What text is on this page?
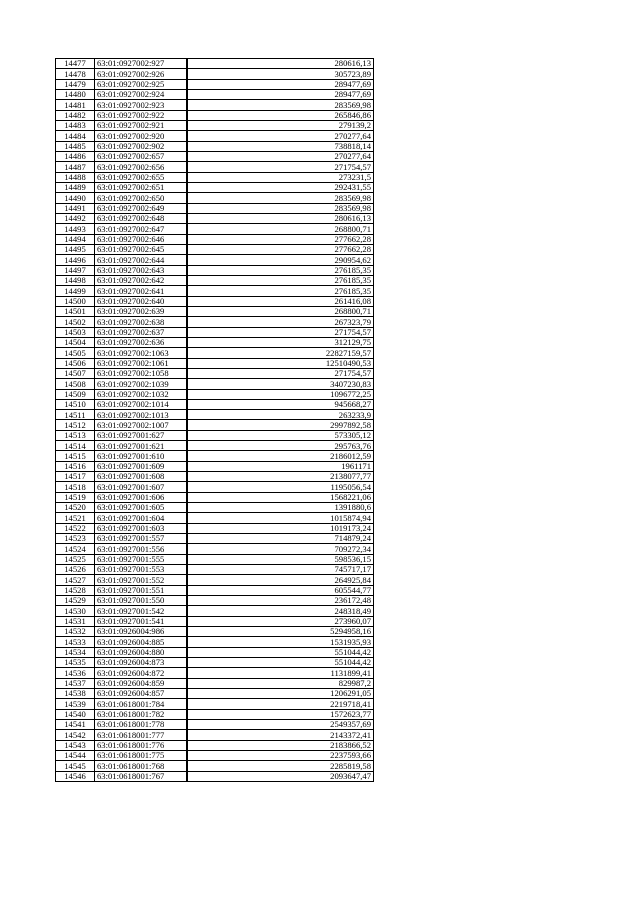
14477	63:01:0927002:927	280616,13
14478	63:01:0927002:926	305723,89
14479	63:01:0927002:925	289477,69
14480	63:01:0927002:924	289477,69
14481	63:01:0927002:923	283569,98
14482	63:01:0927002:922	265846,86
14483	63:01:0927002:921	279139,2
14484	63:01:0927002:920	270277,64
14485	63:01:0927002:902	738818,14
14486	63:01:0927002:657	270277,64
14487	63:01:0927002:656	271754,57
14488	63:01:0927002:655	273231,5
14489	63:01:0927002:651	292431,55
14490	63:01:0927002:650	283569,98
14491	63:01:0927002:649	283569,98
14492	63:01:0927002:648	280616,13
14493	63:01:0927002:647	268800,71
14494	63:01:0927002:646	277662,28
14495	63:01:0927002:645	277662,28
14496	63:01:0927002:644	290954,62
14497	63:01:0927002:643	276185,35
14498	63:01:0927002:642	276185,35
14499	63:01:0927002:641	276185,35
14500	63:01:0927002:640	261416,08
14501	63:01:0927002:639	268800,71
14502	63:01:0927002:638	267323,79
14503	63:01:0927002:637	271754,57
14504	63:01:0927002:636	312129,75
14505	63:01:0927002:1063	22827159,57
14506	63:01:0927002:1061	12510490,53
14507	63:01:0927002:1058	271754,57
14508	63:01:0927002:1039	3407230,83
14509	63:01:0927002:1032	1096772,25
14510	63:01:0927002:1014	945668,27
14511	63:01:0927002:1013	263233,9
14512	63:01:0927002:1007	2997892,58
14513	63:01:0927001:627	573305,12
14514	63:01:0927001:621	295763,76
14515	63:01:0927001:610	2186012,59
14516	63:01:0927001:609	1961171
14517	63:01:0927001:608	2138077,77
14518	63:01:0927001:607	1195056,54
14519	63:01:0927001:606	1568221,06
14520	63:01:0927001:605	1391880,6
14521	63:01:0927001:604	1015874,94
14522	63:01:0927001:603	1019173,24
14523	63:01:0927001:557	714879,24
14524	63:01:0927001:556	709272,34
14525	63:01:0927001:555	598536,15
14526	63:01:0927001:553	745717,17
14527	63:01:0927001:552	264925,84
14528	63:01:0927001:551	605544,77
14529	63:01:0927001:550	236172,48
14530	63:01:0927001:542	248318,49
14531	63:01:0927001:541	273960,07
14532	63:01:0926004:986	5294958,16
14533	63:01:0926004:885	1531935,93
14534	63:01:0926004:880	551044,42
14535	63:01:0926004:873	551044,42
14536	63:01:0926004:872	1131899,41
14537	63:01:0926004:859	829987,2
14538	63:01:0926004:857	1206291,05
14539	63:01:0618001:784	2219718,41
14540	63:01:0618001:782	1572623,77
14541	63:01:0618001:778	2549357,69
14542	63:01:0618001:777	2143372,41
14543	63:01:0618001:776	2183866,52
14544	63:01:0618001:775	2237593,66
14545	63:01:0618001:768	2285819,58
14546	63:01:0618001:767	2093647,47
